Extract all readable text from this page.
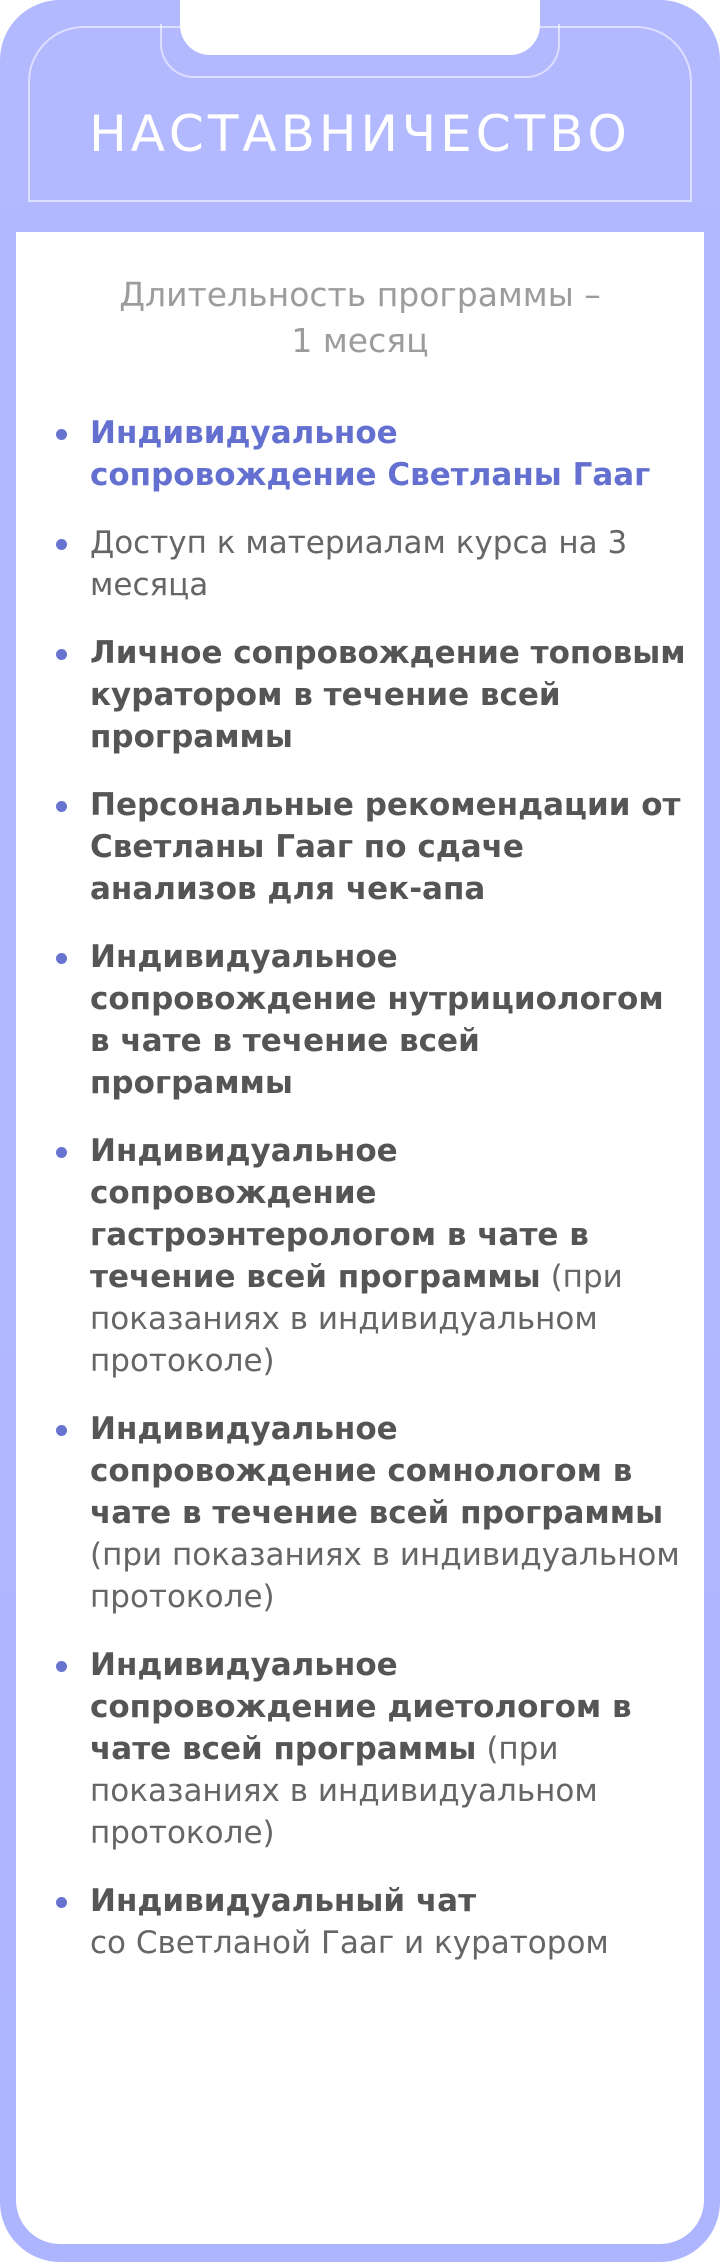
НАСТАВНИЧЕСТВО
Длительность программы –
1 месяц
Индивидуальное сопровождение Светланы Гааг
Доступ к материалам курса на 3 месяца
Личное сопровождение топовым куратором в течение всей программы
Персональные рекомендации от Светланы Гааг по сдаче анализов для чек-апа
Индивидуальное сопровождение нутрициологом в чате в течение всей программы
Индивидуальное сопровождение гастроэнтерологом в чате в течение всей программы (при показаниях в индивидуальном протоколе)
Индивидуальное сопровождение сомнологом в чате в течение всей программы (при показаниях в индивидуальном протоколе)
Индивидуальное сопровождение диетологом в чате всей программы (при показаниях в индивидуальном протоколе)
Индивидуальный чат
со Светланой Гааг и куратором
